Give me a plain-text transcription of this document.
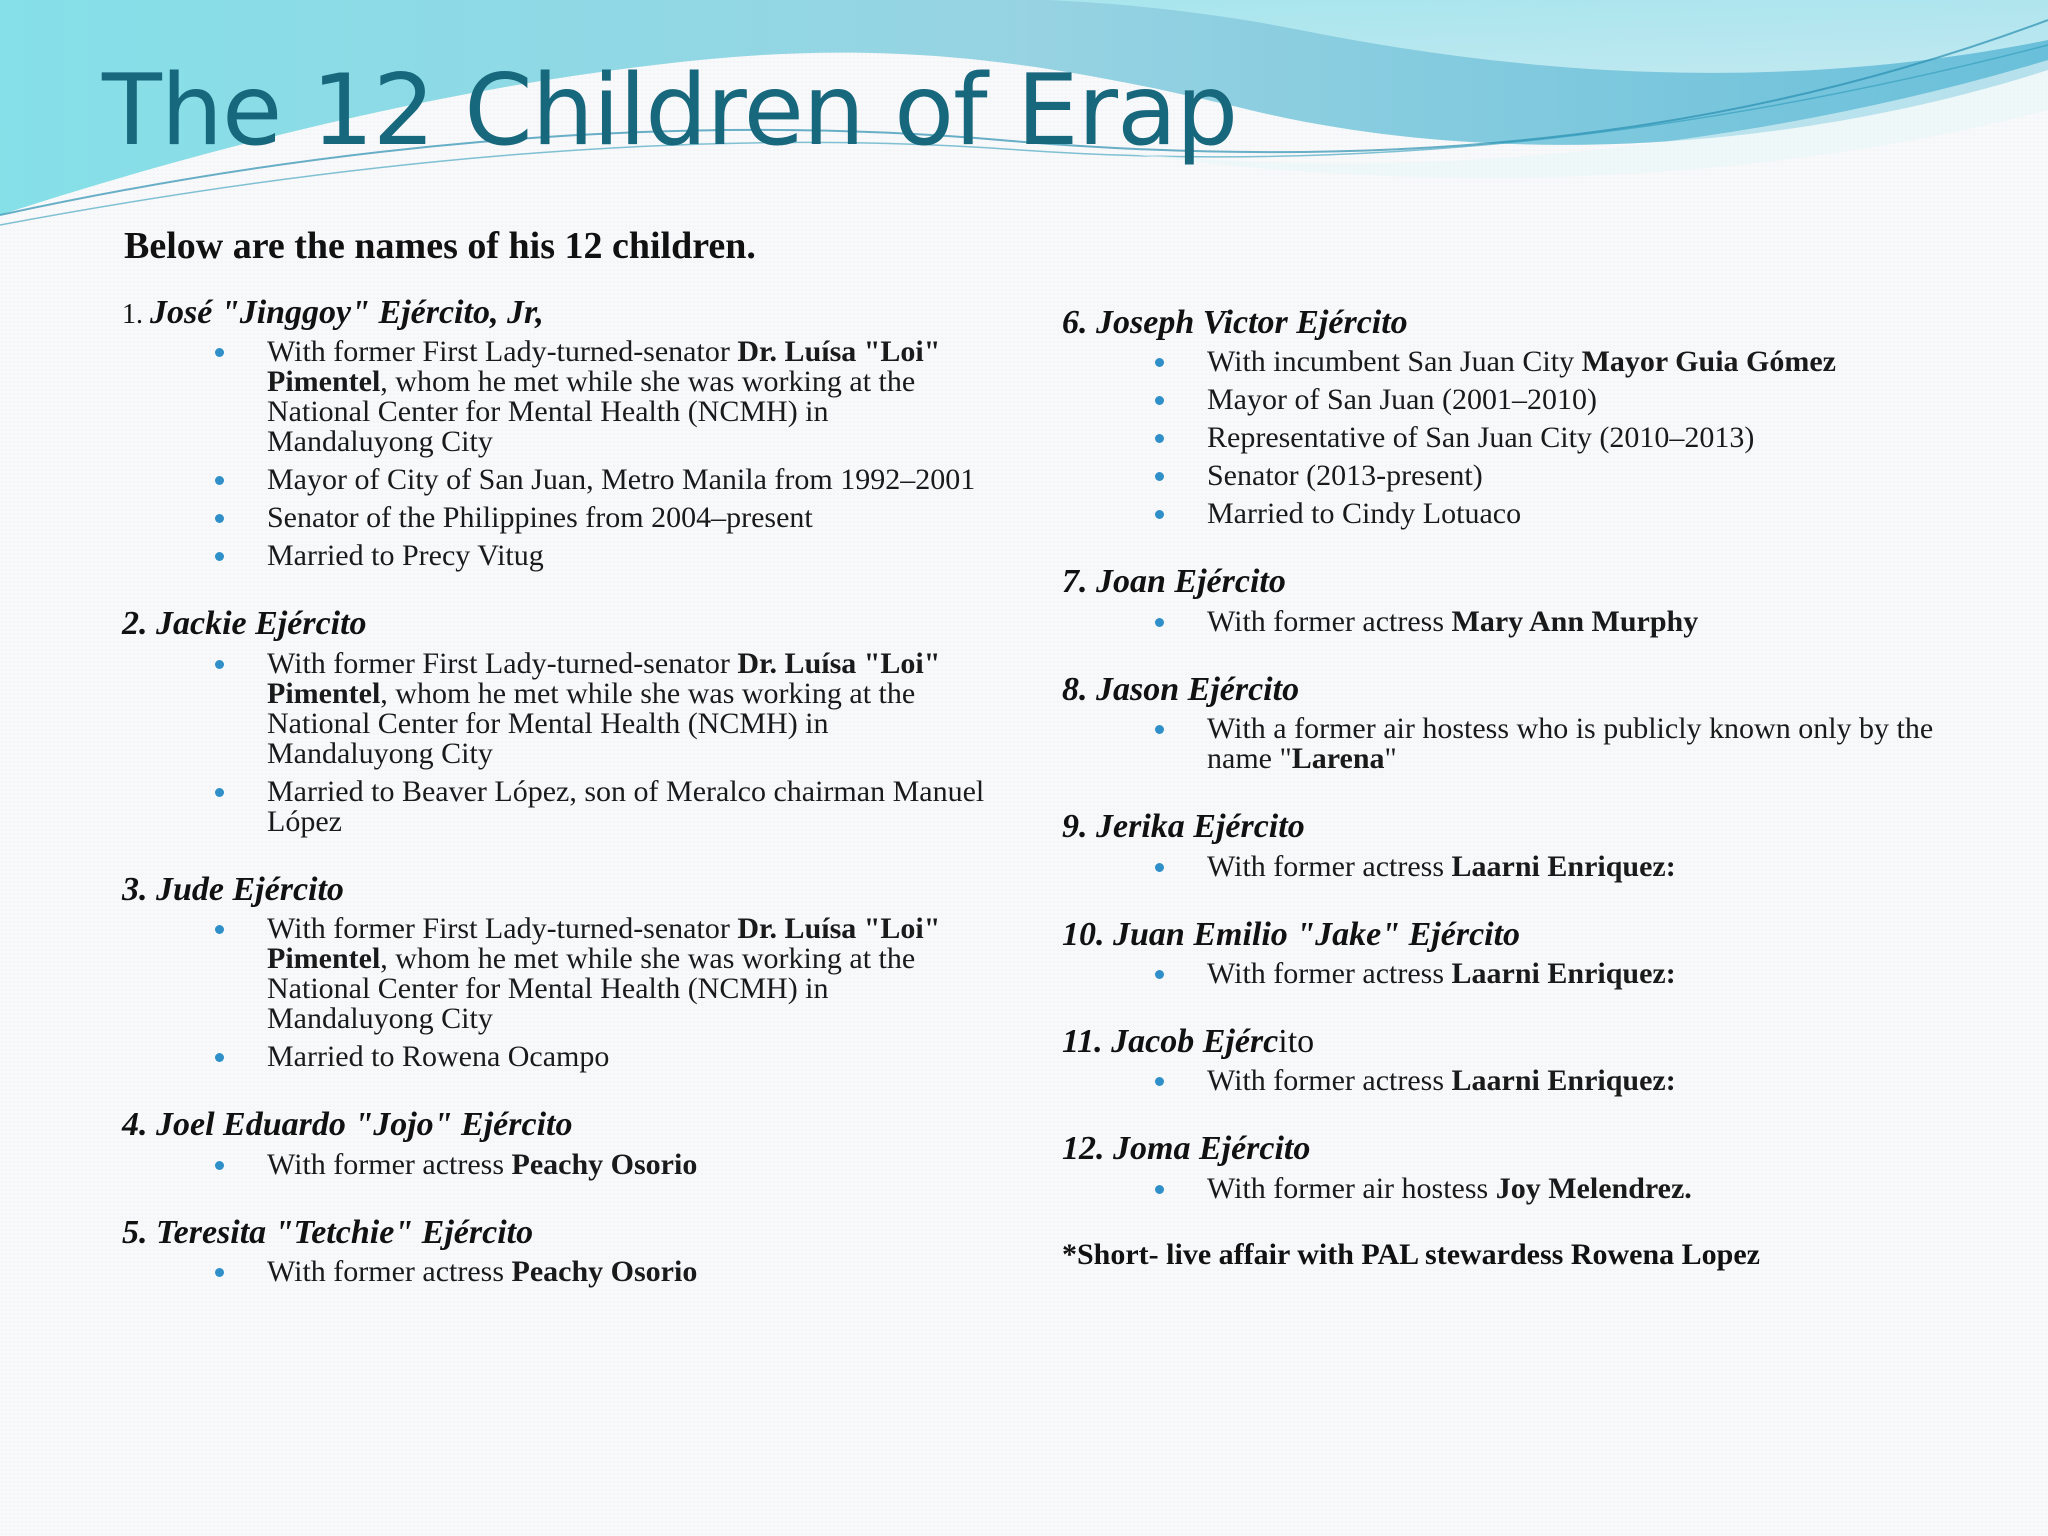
The 12 Children of Erap

Below are the names of his 12 children.

1. José "Jinggoy" Ejército, Jr,
With former First Lady-turned-senator Dr. Luísa "Loi" Pimentel, whom he met while she was working at the National Center for Mental Health (NCMH) in Mandaluyong City
Mayor of City of San Juan, Metro Manila from 1992–2001
Senator of the Philippines from 2004–present
Married to Precy Vitug
2. Jackie Ejército
With former First Lady-turned-senator Dr. Luísa "Loi" Pimentel, whom he met while she was working at the National Center for Mental Health (NCMH) in Mandaluyong City
Married to Beaver López, son of Meralco chairman Manuel López
3. Jude Ejército
With former First Lady-turned-senator Dr. Luísa "Loi" Pimentel, whom he met while she was working at the National Center for Mental Health (NCMH) in Mandaluyong City
Married to Rowena Ocampo
4. Joel Eduardo "Jojo" Ejército
With former actress Peachy Osorio
5. Teresita "Tetchie" Ejército
With former actress Peachy Osorio
6. Joseph Victor Ejército
With incumbent San Juan City Mayor Guia Gómez
Mayor of San Juan (2001–2010)
Representative of San Juan City (2010–2013)
Senator (2013-present)
Married to Cindy Lotuaco
7. Joan Ejército
With former actress Mary Ann Murphy
8. Jason Ejército
With a former air hostess who is publicly known only by the name "Larena"
9. Jerika Ejército
With former actress Laarni Enriquez:
10. Juan Emilio "Jake" Ejército
With former actress Laarni Enriquez:
11. Jacob Ejército
With former actress Laarni Enriquez:
12. Joma Ejército
With former air hostess Joy Melendrez.

*Short- live affair with PAL stewardess Rowena Lopez
